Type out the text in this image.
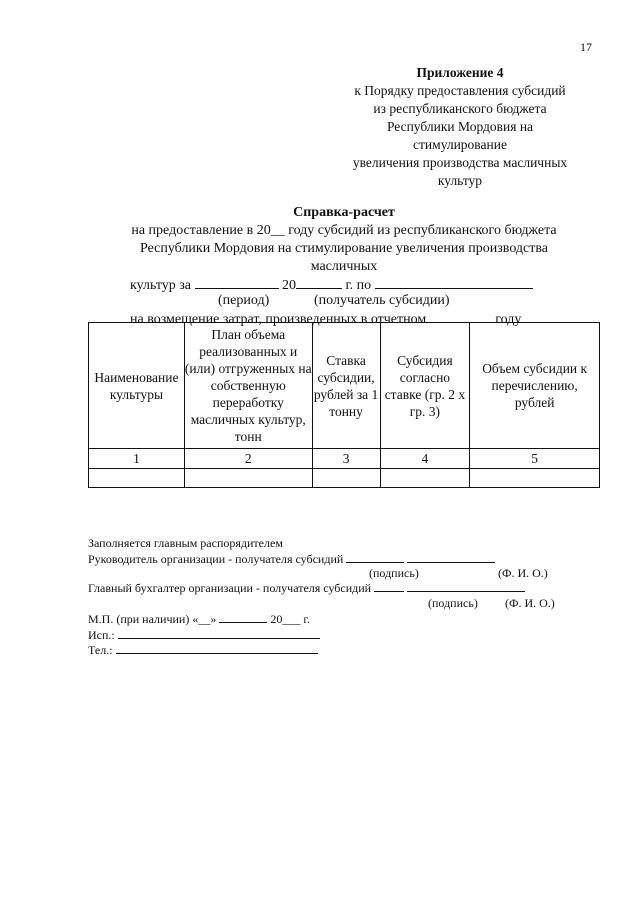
17
Приложение 4
к Порядку предоставления субсидий
из республиканского бюджета
Республики Мордовия на
стимулирование
увеличения производства масличных
культур
Справка-расчет
на предоставление в 20__ году субсидий из республиканского бюджета
Республики Мордовия на стимулирование увеличения производства
масличных
культур за	20	г. по
(период)	(получатель субсидии)
на возмещение затрат, произведенных в отчетном	году
Наименование культуры	План объема реализованных и (или) отгруженных на собственную переработку масличных культур, тонн	Ставка субсидии, рублей за 1 тонну	Субсидия согласно ставке (гр. 2 х гр. 3)	Объем субсидии к перечислению, рублей
1	2	3	4	5

Заполняется главным распорядителем
Руководитель организации - получателя субсидий
(подпись)	(Ф. И. О.)
Главный бухгалтер организации - получателя субсидий
(подпись) (Ф. И. О.)
М.П. (при наличии) «__»	20___ г.
Исп.:
Тел.:
